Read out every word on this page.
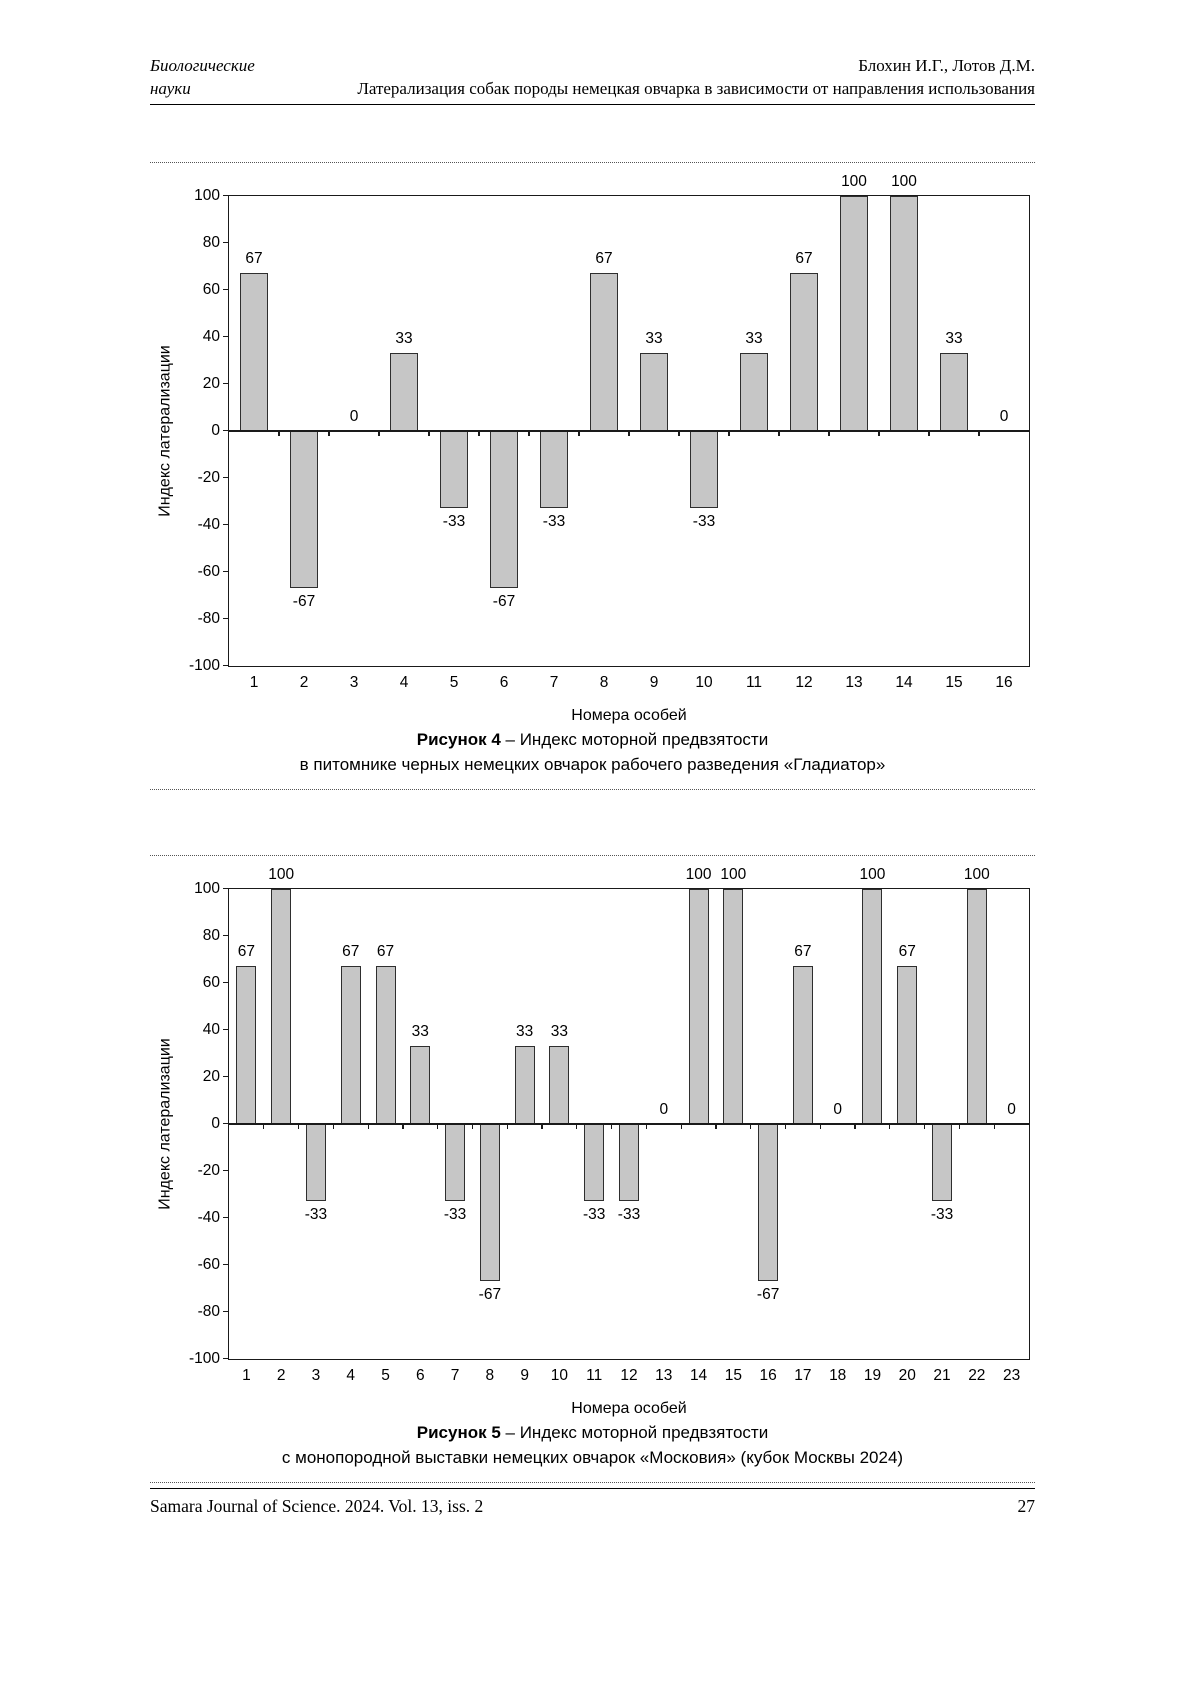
Биологические
науки
Блохин И.Г., Лотов Д.М.
Латерализация собак породы немецкая овчарка в зависимости от направления использования
Индекс латерализации
100
80
60
40
20
0
-20
-40
-60
-80
-100
67
1
-67
2
0
3
33
4
-33
5
-67
6
-33
7
67
8
33
9
-33
10
33
11
67
12
100
13
100
14
33
15
0
16
Номера особей
Рисунок 4 – Индекс моторной предвзятости
в питомнике черных немецких овчарок рабочего разведения «Гладиатор»
Индекс латерализации
100
80
60
40
20
0
-20
-40
-60
-80
-100
67
1
100
2
-33
3
67
4
67
5
33
6
-33
7
-67
8
33
9
33
10
-33
11
-33
12
0
13
100
14
100
15
-67
16
67
17
0
18
100
19
67
20
-33
21
100
22
0
23
Номера особей
Рисунок 5 – Индекс моторной предвзятости
с монопородной выставки немецких овчарок «Московия» (кубок Москвы 2024)
Samara Journal of Science. 2024. Vol. 13, iss. 2	27
